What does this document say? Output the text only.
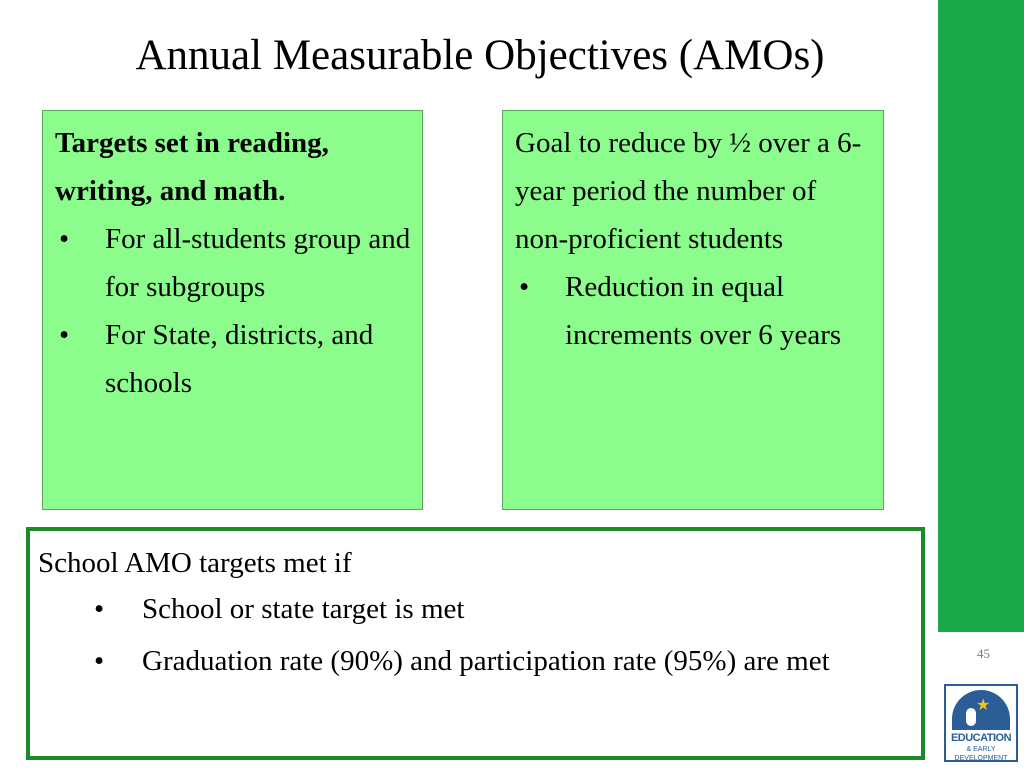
45
★
EDUCATION
& EARLY DEVELOPMENT
Annual Measurable Objectives (AMOs)
Targets set in reading, writing, and math.
• For all-students group and for subgroups
• For State, districts, and schools
Goal to reduce by ½ over a 6-year period the number of non-proficient students
• Reduction in equal increments over 6 years
School AMO targets met if
• School or state target is met
• Graduation rate (90%) and participation rate (95%) are met
